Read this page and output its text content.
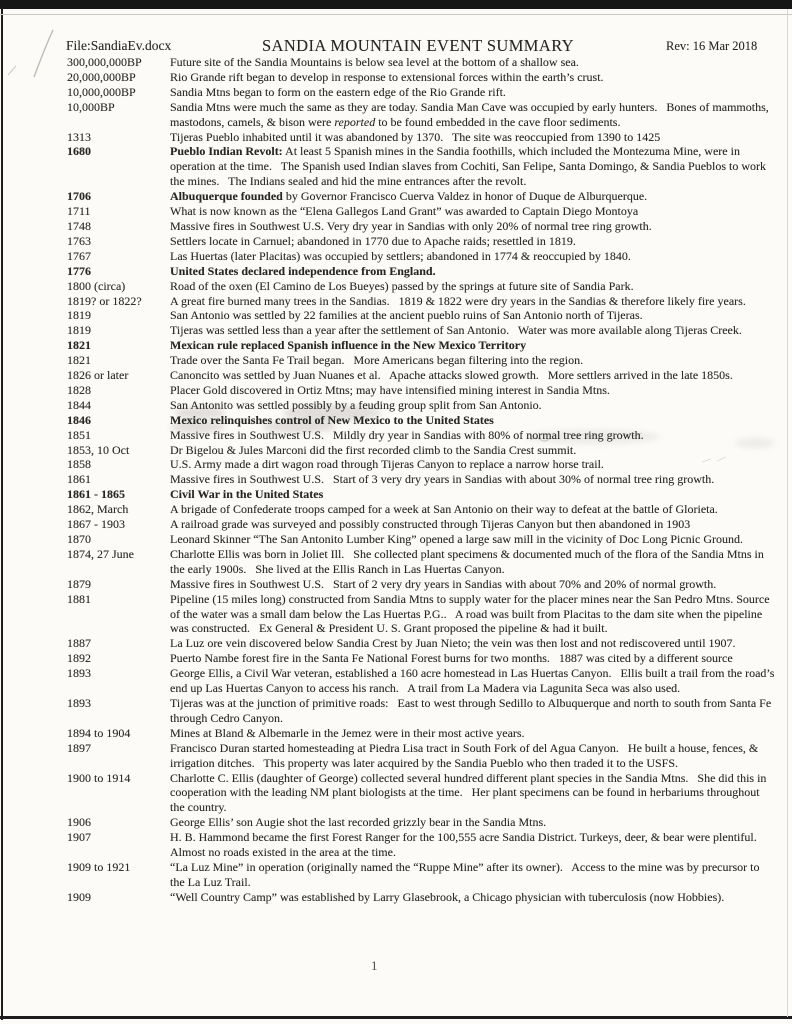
File:SandiaEv.docx	SANDIA MOUNTAIN EVENT SUMMARY	Rev: 16 Mar 2018
300,000,000BP	Future site of the Sandia Mountains is below sea level at the bottom of a shallow sea.
20,000,000BP	Rio Grande rift began to develop in response to extensional forces within the earth’s crust.
10,000,000BP	Sandia Mtns began to form on the eastern edge of the Rio Grande rift.
10,000BP	Sandia Mtns were much the same as they are today. Sandia Man Cave was occupied by early hunters.   Bones of mammoths, mastodons, camels, & bison were reported to be found embedded in the cave floor sediments.
1313	Tijeras Pueblo inhabited until it was abandoned by 1370.   The site was reoccupied from 1390 to 1425
1680	Pueblo Indian Revolt: At least 5 Spanish mines in the Sandia foothills, which included the Montezuma Mine, were in operation at the time.   The Spanish used Indian slaves from Cochiti, San Felipe, Santa Domingo, & Sandia Pueblos to work the mines.   The Indians sealed and hid the mine entrances after the revolt.
1706	Albuquerque founded by Governor Francisco Cuerva Valdez in honor of Duque de Alburquerque.
1711	What is now known as the “Elena Gallegos Land Grant” was awarded to Captain Diego Montoya
1748	Massive fires in Southwest U.S. Very dry year in Sandias with only 20% of normal tree ring growth.
1763	Settlers locate in Carnuel; abandoned in 1770 due to Apache raids; resettled in 1819.
1767	Las Huertas (later Placitas) was occupied by settlers; abandoned in 1774 & reoccupied by 1840.
1776	United States declared independence from England.
1800 (circa)	Road of the oxen (El Camino de Los Bueyes) passed by the springs at future site of Sandia Park.
1819? or 1822?	A great fire burned many trees in the Sandias.   1819 & 1822 were dry years in the Sandias & therefore likely fire years.
1819	San Antonio was settled by 22 families at the ancient pueblo ruins of San Antonio north of Tijeras.
1819	Tijeras was settled less than a year after the settlement of San Antonio.   Water was more available along Tijeras Creek.
1821	Mexican rule replaced Spanish influence in the New Mexico Territory
1821	Trade over the Santa Fe Trail began.   More Americans began filtering into the region.
1826 or later	Canoncito was settled by Juan Nuanes et al.   Apache attacks slowed growth.   More settlers arrived in the late 1850s.
1828	Placer Gold discovered in Ortiz Mtns; may have intensified mining interest in Sandia Mtns.
1844	San Antonito was settled possibly by a feuding group split from San Antonio.
1846	Mexico relinquishes control of New Mexico to the United States
1851	Massive fires in Southwest U.S.   Mildly dry year in Sandias with 80% of normal tree ring growth.
1853, 10 Oct	Dr Bigelou & Jules Marconi did the first recorded climb to the Sandia Crest summit.
1858	U.S. Army made a dirt wagon road through Tijeras Canyon to replace a narrow horse trail.
1861	Massive fires in Southwest U.S.   Start of 3 very dry years in Sandias with about 30% of normal tree ring growth.
1861 - 1865	Civil War in the United States
1862, March	A brigade of Confederate troops camped for a week at San Antonio on their way to defeat at the battle of Glorieta.
1867 - 1903	A railroad grade was surveyed and possibly constructed through Tijeras Canyon but then abandoned in 1903
1870	Leonard Skinner “The San Antonito Lumber King” opened a large saw mill in the vicinity of Doc Long Picnic Ground.
1874, 27 June	Charlotte Ellis was born in Joliet Ill.   She collected plant specimens & documented much of the flora of the Sandia Mtns in the early 1900s.   She lived at the Ellis Ranch in Las Huertas Canyon.
1879	Massive fires in Southwest U.S.   Start of 2 very dry years in Sandias with about 70% and 20% of normal growth.
1881	Pipeline (15 miles long) constructed from Sandia Mtns to supply water for the placer mines near the San Pedro Mtns. Source of the water was a small dam below the Las Huertas P.G..   A road was built from Placitas to the dam site when the pipeline was constructed.   Ex General & President U. S. Grant proposed the pipeline & had it built.
1887	La Luz ore vein discovered below Sandia Crest by Juan Nieto; the vein was then lost and not rediscovered until 1907.
1892	Puerto Nambe forest fire in the Santa Fe National Forest burns for two months.   1887 was cited by a different source
1893	George Ellis, a Civil War veteran, established a 160 acre homestead in Las Huertas Canyon.   Ellis built a trail from the road’s end up Las Huertas Canyon to access his ranch.   A trail from La Madera via Lagunita Seca was also used.
1893	Tijeras was at the junction of primitive roads:   East to west through Sedillo to Albuquerque and north to south from Santa Fe through Cedro Canyon.
1894 to 1904	Mines at Bland & Albemarle in the Jemez were in their most active years.
1897	Francisco Duran started homesteading at Piedra Lisa tract in South Fork of del Agua Canyon.   He built a house, fences, & irrigation ditches.   This property was later acquired by the Sandia Pueblo who then traded it to the USFS.
1900 to 1914	Charlotte C. Ellis (daughter of George) collected several hundred different plant species in the Sandia Mtns.   She did this in cooperation with the leading NM plant biologists at the time.   Her plant specimens can be found in herbariums throughout the country.
1906	George Ellis’ son Augie shot the last recorded grizzly bear in the Sandia Mtns.
1907	H. B. Hammond became the first Forest Ranger for the 100,555 acre Sandia District. Turkeys, deer, & bear were plentiful.   Almost no roads existed in the area at the time.
1909 to 1921	“La Luz Mine” in operation (originally named the “Ruppe Mine” after its owner).   Access to the mine was by precursor to the La Luz Trail.
1909	“Well Country Camp” was established by Larry Glasebrook, a Chicago physician with tuberculosis (now Hobbies).
1
